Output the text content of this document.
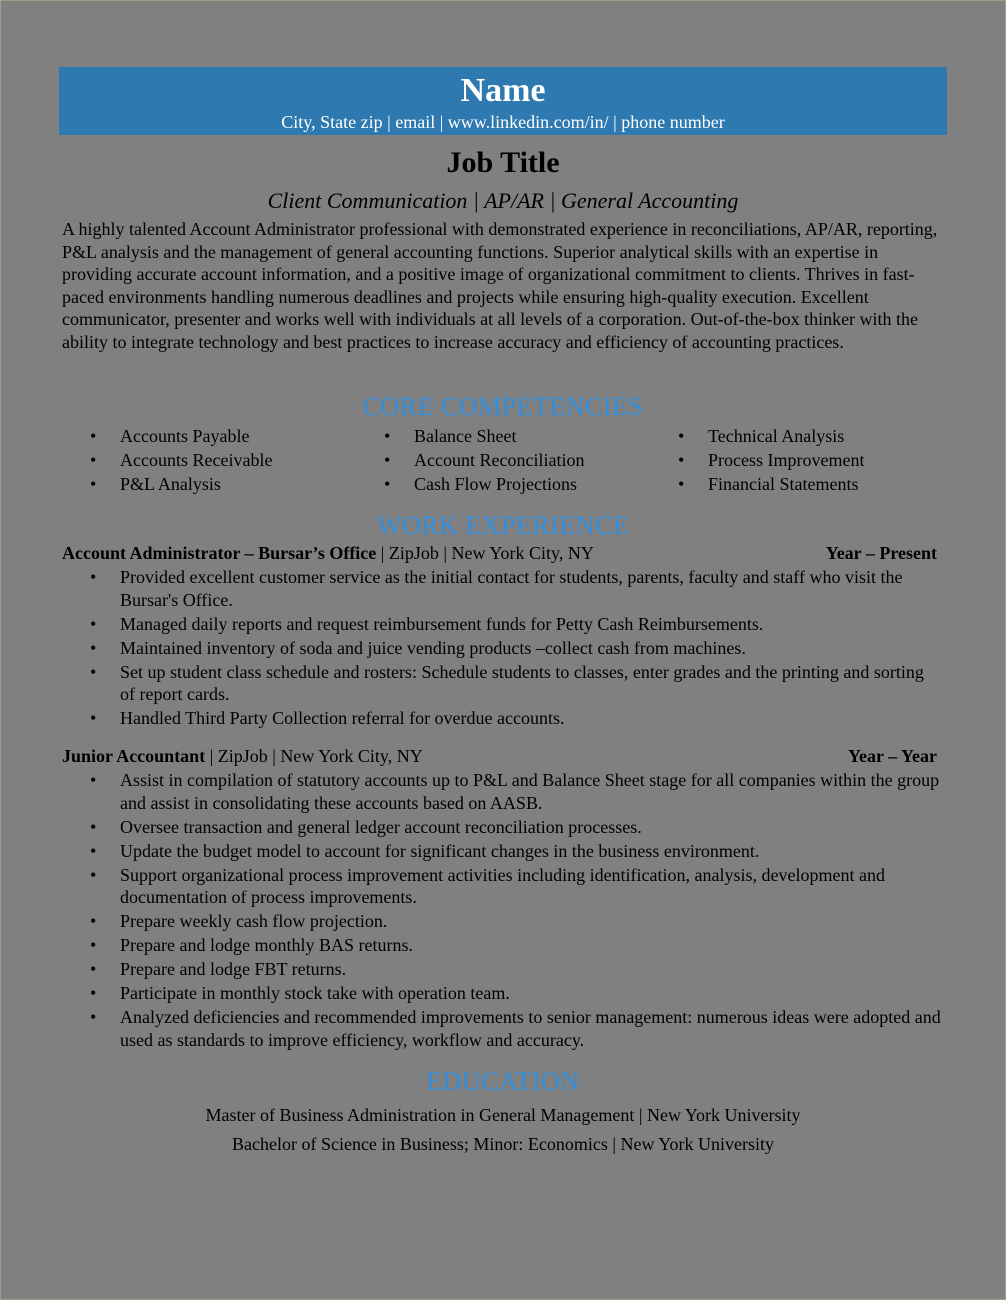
Name
City, State zip | email | www.linkedin.com/in/ | phone number
Job Title
Client Communication | AP/AR | General Accounting

A highly talented Account Administrator professional with demonstrated experience in reconciliations, AP/AR, reporting, P&L analysis and the management of general accounting functions. Superior analytical skills with an expertise in providing accurate account information, and a positive image of organizational commitment to clients. Thrives in fast-paced environments handling numerous deadlines and projects while ensuring high-quality execution. Excellent communicator, presenter and works well with individuals at all levels of a corporation. Out-of-the-box thinker with the ability to integrate technology and best practices to increase accuracy and efficiency of accounting practices.

CORE COMPETENCIES
• Accounts Payable
• Accounts Receivable
• P&L Analysis
• Balance Sheet
• Account Reconciliation
• Cash Flow Projections
• Technical Analysis
• Process Improvement
• Financial Statements
WORK EXPERIENCE
Account Administrator – Bursar’s Office | ZipJob | New York City, NY	Year – Present
• Provided excellent customer service as the initial contact for students, parents, faculty and staff who visit the Bursar's Office.
• Managed daily reports and request reimbursement funds for Petty Cash Reimbursements.
• Maintained inventory of soda and juice vending products –collect cash from machines.
• Set up student class schedule and rosters: Schedule students to classes, enter grades and the printing and sorting of report cards.
• Handled Third Party Collection referral for overdue accounts.
Junior Accountant | ZipJob | New York City, NY	Year – Year
• Assist in compilation of statutory accounts up to P&L and Balance Sheet stage for all companies within the group and assist in consolidating these accounts based on AASB.
• Oversee transaction and general ledger account reconciliation processes.
• Update the budget model to account for significant changes in the business environment.
• Support organizational process improvement activities including identification, analysis, development and documentation of process improvements.
• Prepare weekly cash flow projection.
• Prepare and lodge monthly BAS returns.
• Prepare and lodge FBT returns.
• Participate in monthly stock take with operation team.
• Analyzed deficiencies and recommended improvements to senior management: numerous ideas were adopted and used as standards to improve efficiency, workflow and accuracy.
EDUCATION
Master of Business Administration in General Management | New York University
Bachelor of Science in Business; Minor: Economics | New York University
